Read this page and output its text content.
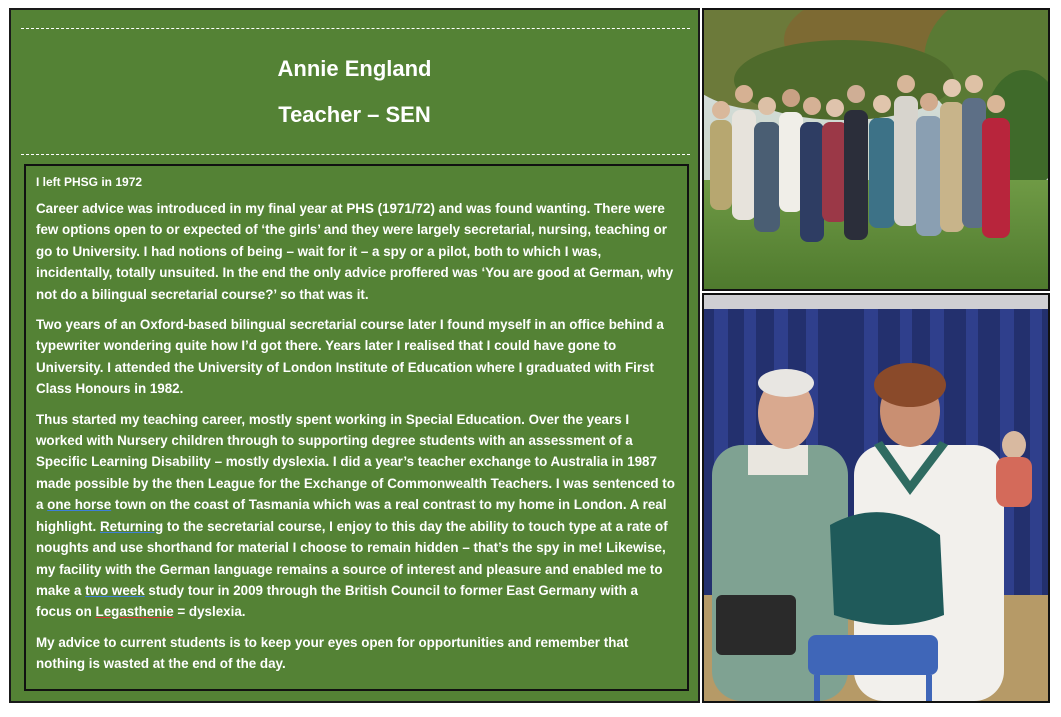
Annie England
Teacher – SEN

I left PHSG in 1972

Career advice was introduced in my final year at PHS (1971/72) and was found wanting. There were few options open to or expected of ‘the girls’ and they were largely secretarial, nursing, teaching or go to University. I had notions of being – wait for it – a spy or a pilot, both to which I was, incidentally, totally unsuited. In the end the only advice proffered was ‘You are good at German, why not do a bilingual secretarial course?’ so that was it.

Two years of an Oxford-based bilingual secretarial course later I found myself in an office behind a typewriter wondering quite how I’d got there. Years later I realised that I could have gone to University. I attended the University of London Institute of Education where I graduated with First Class Honours in 1982.

Thus started my teaching career, mostly spent working in Special Education. Over the years I worked with Nursery children through to supporting degree students with an assessment of a Specific Learning Disability – mostly dyslexia. I did a year’s teacher exchange to Australia in 1987 made possible by the then League for the Exchange of Commonwealth Teachers. I was sentenced to a one horse town on the coast of Tasmania which was a real contrast to my home in London. A real highlight. Returning to the secretarial course, I enjoy to this day the ability to touch type at a rate of noughts and use shorthand for material I choose to remain hidden – that’s the spy in me! Likewise, my facility with the German language remains a source of interest and pleasure and enabled me to make a two week study tour in 2009 through the British Council to former East Germany with a focus on Legasthenie = dyslexia.

My advice to current students is to keep your eyes open for opportunities and remember that nothing is wasted at the end of the day.
